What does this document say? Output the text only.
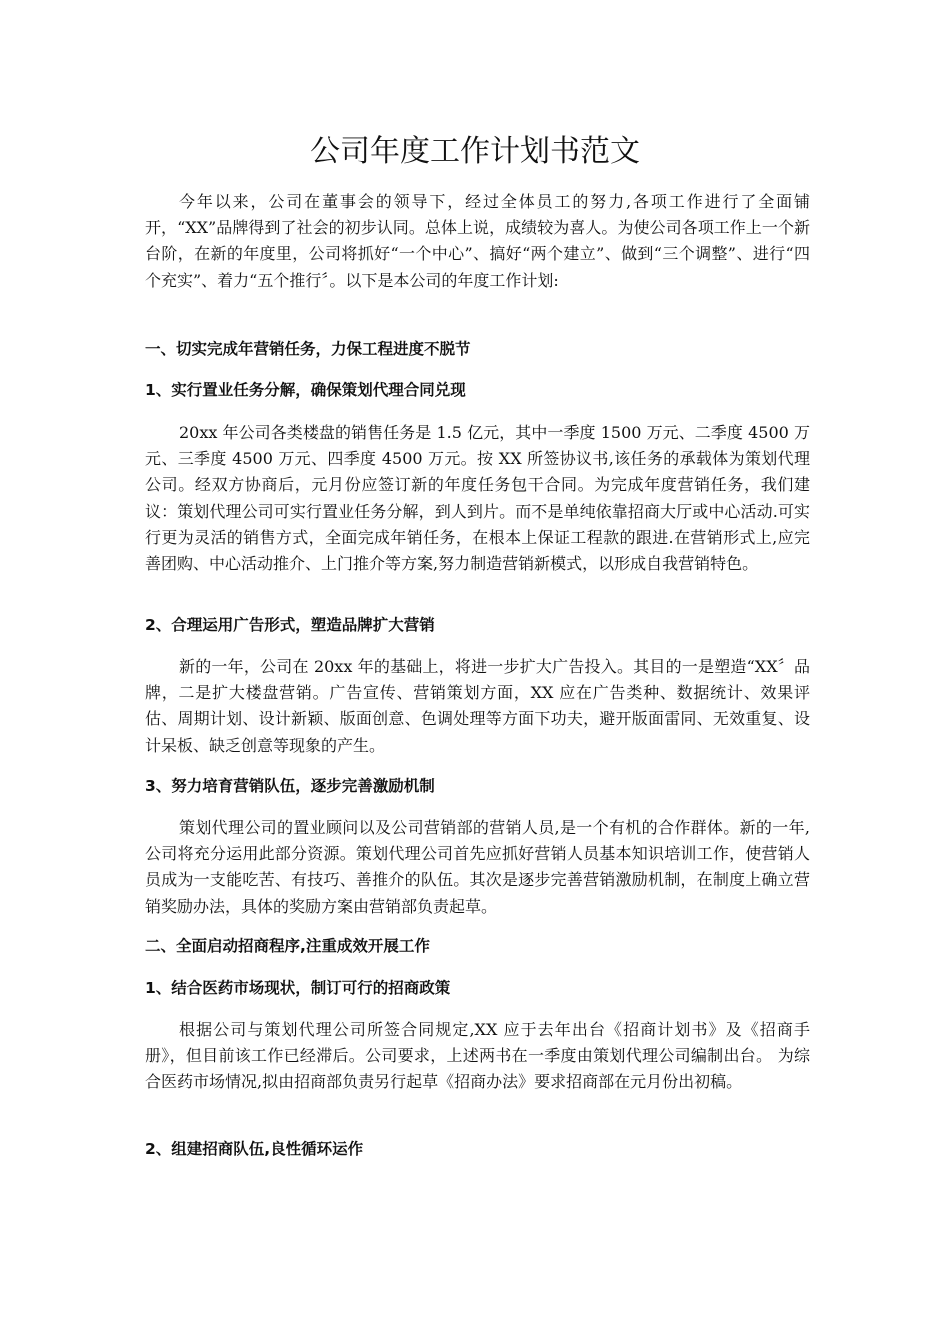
公司年度工作计划书范文

今年以来，公司在董事会的领导下，经过全体员工的努力,各项工作进行了全面铺开，“XX”品牌得到了社会的初步认同。总体上说，成绩较为喜人。为使公司各项工作上一个新台阶，在新的年度里，公司将抓好“一个中心”、搞好“两个建立”、做到“三个调整”、进行“四个充实”、着力“五个推行〞。以下是本公司的年度工作计划:

一、切实完成年营销任务，力保工程进度不脱节
1、实行置业任务分解，确保策划代理合同兑现

20xx 年公司各类楼盘的销售任务是 1.5 亿元，其中一季度 1500 万元、二季度 4500 万元、三季度 4500 万元、四季度 4500 万元。按 XX 所签协议书,该任务的承载体为策划代理公司。经双方协商后，元月份应签订新的年度任务包干合同。为完成年度营销任务，我们建议：策划代理公司可实行置业任务分解，到人到片。而不是单纯依靠招商大厅或中心活动.可实行更为灵活的销售方式，全面完成年销任务，在根本上保证工程款的跟进.在营销形式上,应完善团购、中心活动推介、上门推介等方案,努力制造营销新模式，以形成自我营销特色。

2、合理运用广告形式，塑造品牌扩大营销

新的一年，公司在 20xx 年的基础上，将进一步扩大广告投入。其目的一是塑造“XX〞品牌，二是扩大楼盘营销。广告宣传、营销策划方面，XX 应在广告类种、数据统计、效果评估、周期计划、设计新颖、版面创意、色调处理等方面下功夫，避开版面雷同、无效重复、设计呆板、缺乏创意等现象的产生。

3、努力培育营销队伍，逐步完善激励机制

策划代理公司的置业顾问以及公司营销部的营销人员,是一个有机的合作群体。新的一年,公司将充分运用此部分资源。策划代理公司首先应抓好营销人员基本知识培训工作，使营销人员成为一支能吃苦、有技巧、善推介的队伍。其次是逐步完善营销激励机制，在制度上确立营销奖励办法，具体的奖励方案由营销部负责起草。

二、全面启动招商程序,注重成效开展工作
1、结合医药市场现状，制订可行的招商政策

根据公司与策划代理公司所签合同规定,XX 应于去年出台《招商计划书》及《招商手册》，但目前该工作已经滞后。公司要求，上述两书在一季度由策划代理公司编制出台。 为综合医药市场情况,拟由招商部负责另行起草《招商办法》要求招商部在元月份出初稿。

2、组建招商队伍,良性循环运作
